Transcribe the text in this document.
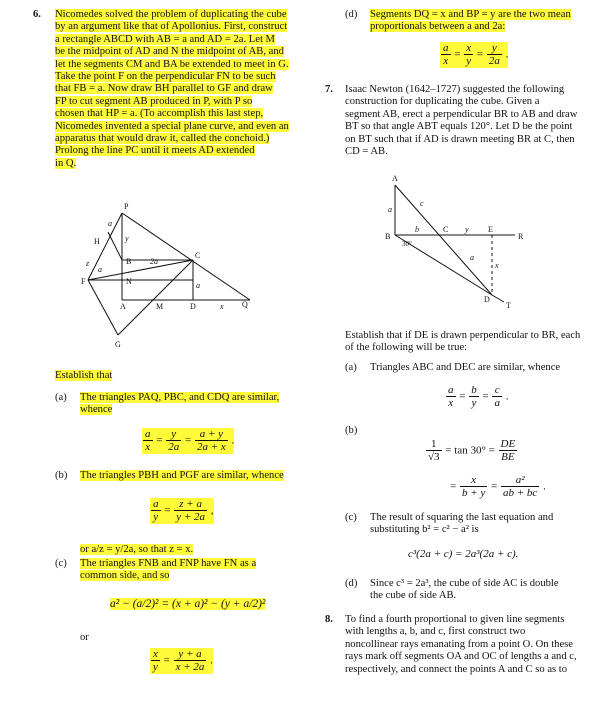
6. Nicomedes solved the problem of duplicating the cube
by an argument like that of Apollonius. First, construct
a rectangle ABCD with AB = a and AD = 2a. Let M
be the midpoint of AD and N the midpoint of AB, and
let the segments CM and BA be extended to meet in G.
Take the point F on the perpendicular FN to be such
that FB = a. Now draw BH parallel to GF and draw
FP to cut segment AB produced in P, with P so
chosen that HP = a. (To accomplish this last step,
Nicomedes invented a special plane curve, and even an
apparatus that would draw it, called the conchoid.)
Prolong the line PC until it meets AD extended
in Q.
P
H
B
C
N
F
A	M	D	Q
G
a
y
z
a
2a
a
x
Establish that
(a) The triangles PAQ, PBC, and CDQ are similar,
whence
$\frac{a}{x} = \frac{y}{2a} = \frac{a + y}{2a + x}$ .
(b) The triangles PBH and PGF are similar, whence
$\frac{a}{y} = \frac{z + a}{y + 2a}$ ,
or a/z = y/2a, so that z = x.
(c) The triangles FNB and FNP have FN as a
common side, and so
a² − (a/2)² = (x + a)² − (y + a/2)²
or
$\frac{x}{y} = \frac{y + a}{x + 2a}$ .
(d) Segments DQ = x and BP = y are the two mean
proportionals between a and 2a:
$\frac{a}{x} = \frac{x}{y} = \frac{y}{2a}$ .
7. Isaac Newton (1642–1727) suggested the following
construction for duplicating the cube. Given a
segment AB, erect a perpendicular BR to AB and draw
BT so that angle ABT equals 120°. Let D be the point
on BT such that if AD is drawn meeting BR at C, then
CD = AB.
A
a
c
B
b	C y E
R
30°
a
x
D
T
Establish that if DE is drawn perpendicular to BR, each
of the following will be true:
(a) Triangles ABC and DEC are similar, whence
$\frac{a}{x} = \frac{b}{y} = \frac{c}{a}$ .
(b)
$\frac{1}{√3} = \tan 30^\circ = \frac{DE}{BE}$
= $\frac{x}{b + y} = \frac{\text{a²}}{ab + bc}$ .
(c) The result of squaring the last equation and
substituting b² = c² − a² is
c³(2a + c) = 2a³(2a + c).
(d) Since c³ = 2a³, the cube of side AC is double
the cube of side AB.
8. To find a fourth proportional to given line segments
with lengths a, b, and c, first construct two
noncollinear rays emanating from a point O. On these
rays mark off segments OA and OC of lengths a and c,
respectively, and connect the points A and C so as to
